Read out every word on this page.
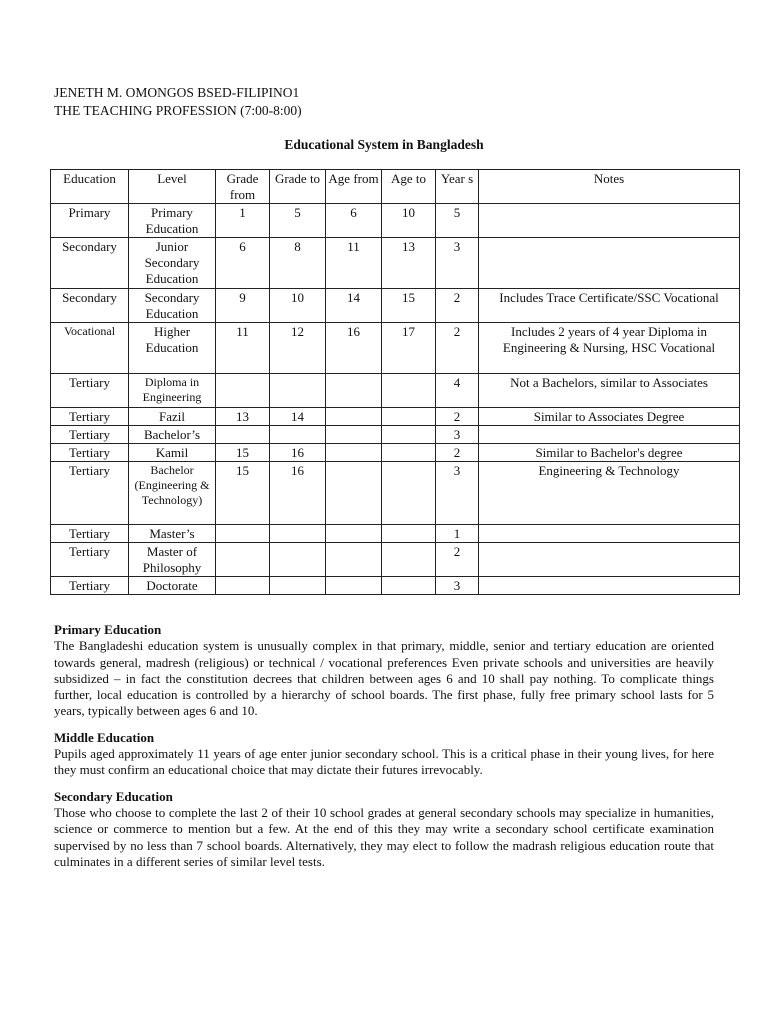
JENETH M. OMONGOS BSED-FILIPINO1
THE TEACHING PROFESSION (7:00-8:00)
Educational System in Bangladesh
Education	Level	Grade from	Grade to	Age from	Age to	Year s	Notes
Primary	Primary Education	1	5	6	10	5	
Secondary	Junior Secondary Education	6	8	11	13	3	
Secondary	Secondary Education	9	10	14	15	2	Includes Trace Certificate/SSC Vocational
Vocational	Higher Education	11	12	16	17	2	Includes 2 years of 4 year Diploma in Engineering & Nursing, HSC Vocational
Tertiary	Diploma in Engineering					4	Not a Bachelors, similar to Associates
Tertiary	Fazil	13	14			2	Similar to Associates Degree
Tertiary	Bachelor’s					3	
Tertiary	Kamil	15	16			2	Similar to Bachelor's degree
Tertiary	Bachelor (Engineering & Technology)	15	16			3	Engineering & Technology
Tertiary	Master’s					1	
Tertiary	Master of Philosophy					2	
Tertiary	Doctorate					3	
Primary Education
The Bangladeshi education system is unusually complex in that primary, middle, senior and tertiary education are oriented towards general, madresh (religious) or technical / vocational preferences Even private schools and universities are heavily subsidized – in fact the constitution decrees that children between ages 6 and 10 shall pay nothing. To complicate things further, local education is controlled by a hierarchy of school boards. The first phase, fully free primary school lasts for 5 years, typically between ages 6 and 10.
Middle Education
Pupils aged approximately 11 years of age enter junior secondary school. This is a critical phase in their young lives, for here they must confirm an educational choice that may dictate their futures irrevocably.
Secondary Education
Those who choose to complete the last 2 of their 10 school grades at general secondary schools may specialize in humanities, science or commerce to mention but a few. At the end of this they may write a secondary school certificate examination supervised by no less than 7 school boards. Alternatively, they may elect to follow the madrash religious education route that culminates in a different series of similar level tests.
